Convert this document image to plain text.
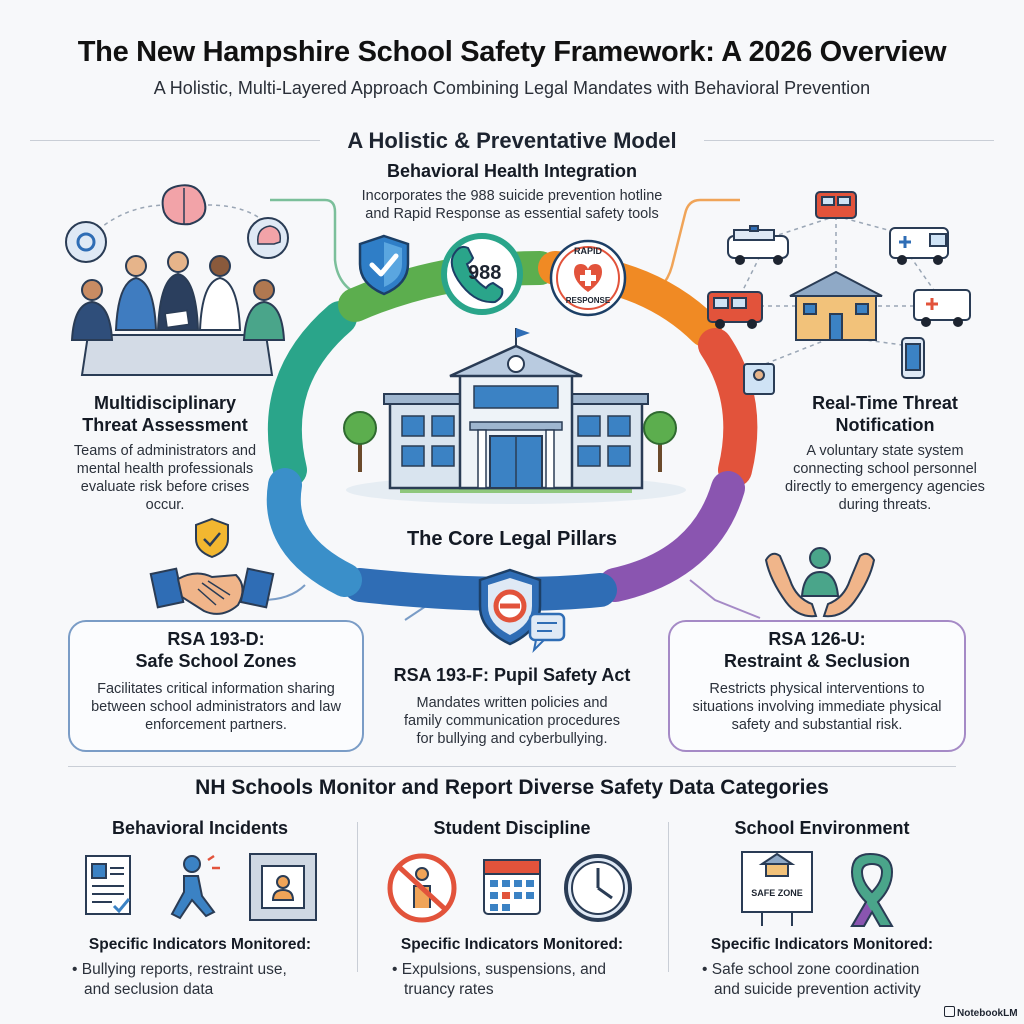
The New Hampshire School Safety Framework: A 2026 Overview
A Holistic, Multi-Layered Approach Combining Legal Mandates with Behavioral Prevention
A Holistic & Preventative Model
Behavioral Health Integration
Incorporates the 988 suicide prevention hotline
and Rapid Response as essential safety tools
988
RAPID
RESPONSE
The Core Legal Pillars
Multidisciplinary
Threat Assessment
Teams of administrators and
mental health professionals
evaluate risk before crises
occur.
Real-Time Threat
Notification
A voluntary state system
connecting school personnel
directly to emergency agencies
during threats.
RSA 193-D:
Safe School Zones
Facilitates critical information sharing
between school administrators and law
enforcement partners.
RSA 193-F: Pupil Safety Act
Mandates written policies and
family communication procedures
for bullying and cyberbullying.
RSA 126-U:
Restraint & Seclusion
Restricts physical interventions to
situations involving immediate physical
safety and substantial risk.
NH Schools Monitor and Report Diverse Safety Data Categories
Behavioral Incidents
Specific Indicators Monitored:
• Bullying reports, restraint use,
and seclusion data
Student Discipline
Specific Indicators Monitored:
• Expulsions, suspensions, and
truancy rates
School Environment
SAFE ZONE
Specific Indicators Monitored:
• Safe school zone coordination
and suicide prevention activity
NotebookLM
